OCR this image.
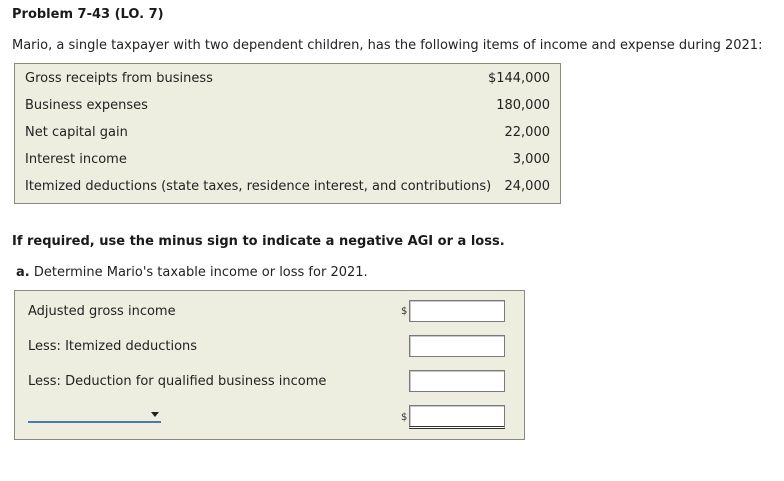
Problem 7-43 (LO. 7)
Mario, a single taxpayer with two dependent children, has the following items of income and expense during 2021:
Gross receipts from business	$144,000
Business expenses	180,000
Net capital gain	22,000
Interest income	3,000
Itemized deductions (state taxes, residence interest, and contributions) 24,000
If required, use the minus sign to indicate a negative AGI or a loss.
a. Determine Mario's taxable income or loss for 2021.
Adjusted gross income	$
Less: Itemized deductions
Less: Deduction for qualified business income
$
